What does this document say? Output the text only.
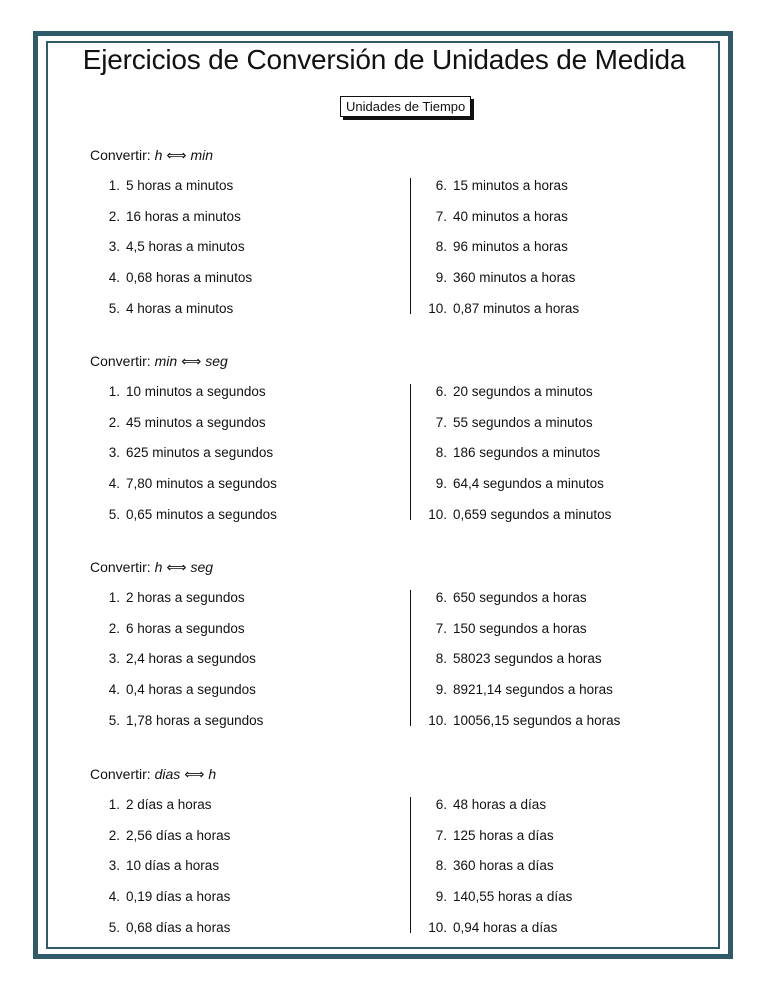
Ejercicios de Conversión de Unidades de Medida
Unidades de Tiempo
Convertir: h ⟺ min
1. 5 horas a minutos
2. 16 horas a minutos
3. 4,5 horas a minutos
4. 0,68 horas a minutos
5. 4 horas a minutos
6. 15 minutos a horas
7. 40 minutos a horas
8. 96 minutos a horas
9. 360 minutos a horas
10. 0,87 minutos a horas
Convertir: min ⟺ seg
1. 10 minutos a segundos
2. 45 minutos a segundos
3. 625 minutos a segundos
4. 7,80 minutos a segundos
5. 0,65 minutos a segundos
6. 20 segundos a minutos
7. 55 segundos a minutos
8. 186 segundos a minutos
9. 64,4 segundos a minutos
10. 0,659 segundos a minutos
Convertir: h ⟺ seg
1. 2 horas a segundos
2. 6 horas a segundos
3. 2,4 horas a segundos
4. 0,4 horas a segundos
5. 1,78 horas a segundos
6. 650 segundos a horas
7. 150 segundos a horas
8. 58023 segundos a horas
9. 8921,14 segundos a horas
10. 10056,15 segundos a horas
Convertir: dias ⟺ h
1. 2 días a horas
2. 2,56 días a horas
3. 10 días a horas
4. 0,19 días a horas
5. 0,68 días a horas
6. 48 horas a días
7. 125 horas a días
8. 360 horas a días
9. 140,55 horas a días
10. 0,94 horas a días
